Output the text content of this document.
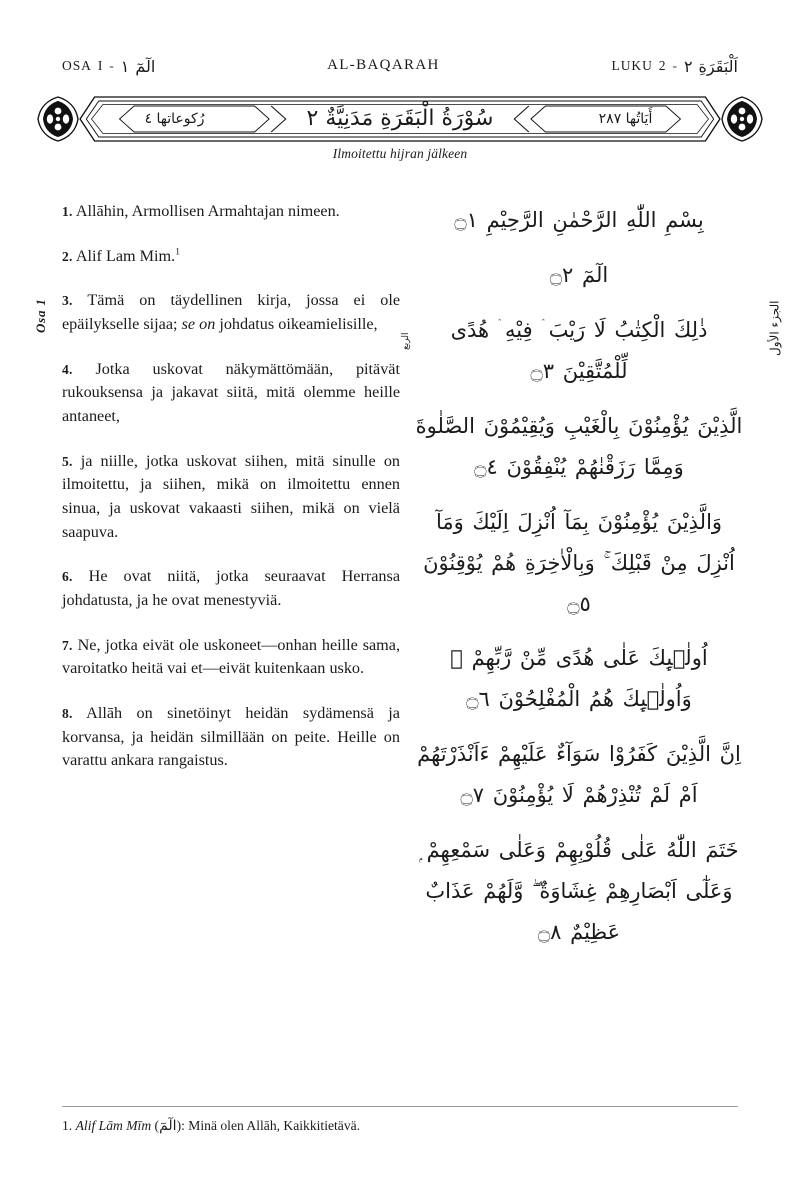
OSA I - ١ الٓمٓ	AL-BAQARAH	LUKU 2 - ٢ اَلْبَقَرَةِ
رُكوعاتها ٤	سُوْرَةُ الْبَقَرَةِ مَدَنِيَّةٌ ٢	أَيَاتُها ٢٨٧
Ilmoitettu hijran jälkeen
Osa 1	الجزء الأول
الربع

1. Allāhin, Armollisen Armahtajan nimeen.

2. Alif Lam Mim.$^1$

3. Tämä on täydellinen kirja, jossa ei ole epäilykselle sijaa; se on johdatus oikeamielisille,

4. Jotka uskovat näkymättömään, pitävät rukouksensa ja jakavat siitä, mitä olemme heille antaneet,

5. ja niille, jotka uskovat siihen, mitä sinulle on ilmoitettu, ja siihen, mikä on ilmoitettu ennen sinua, ja uskovat vakaasti siihen, mikä on vielä saapuva.

6. He ovat niitä, jotka seuraavat Herransa johdatusta, ja he ovat menestyviä.

7. Ne, jotka eivät ole uskoneet—onhan heille sama, varoitatko heitä vai et—eivät kuitenkaan usko.

8. Allāh on sinetöinyt heidän sydämensä ja korvansa, ja heidän silmillään on peite. Heille on varattu ankara rangaistus.

بِسْمِ اللّٰهِ الرَّحْمٰنِ الرَّحِيْمِ ۝١

الٓمٓ ۝٢

ذٰلِكَ الْكِتٰبُ لَا رَيْبَ ۛ فِيْهِ ۛ هُدًى لِّلْمُتَّقِيْنَ ۝٣

الَّذِيْنَ يُؤْمِنُوْنَ بِالْغَيْبِ وَيُقِيْمُوْنَ الصَّلٰوةَ وَمِمَّا رَزَقْنٰهُمْ يُنْفِقُوْنَ ۝٤

وَالَّذِيْنَ يُؤْمِنُوْنَ بِمَآ اُنْزِلَ اِلَيْكَ وَمَآ اُنْزِلَ مِنْ قَبْلِكَ ۚ وَبِالْاٰخِرَةِ هُمْ يُوْقِنُوْنَ ۝٥

اُولٰۤىِٕكَ عَلٰى هُدًى مِّنْ رَّبِّهِمْ ۗ وَاُولٰۤىِٕكَ هُمُ الْمُفْلِحُوْنَ ۝٦

اِنَّ الَّذِيْنَ كَفَرُوْا سَوَآءٌ عَلَيْهِمْ ءَاَنْذَرْتَهُمْ اَمْ لَمْ تُنْذِرْهُمْ لَا يُؤْمِنُوْنَ ۝٧

خَتَمَ اللّٰهُ عَلٰى قُلُوْبِهِمْ وَعَلٰى سَمْعِهِمْ ۭ وَعَلٰٓى اَبْصَارِهِمْ غِشَاوَةٌ ۖ وَّلَهُمْ عَذَابٌ عَظِيْمٌ ۝٨

1. Alif Lām Mīm (الٓمٓ): Minä olen Allāh, Kaikkitietävä.
